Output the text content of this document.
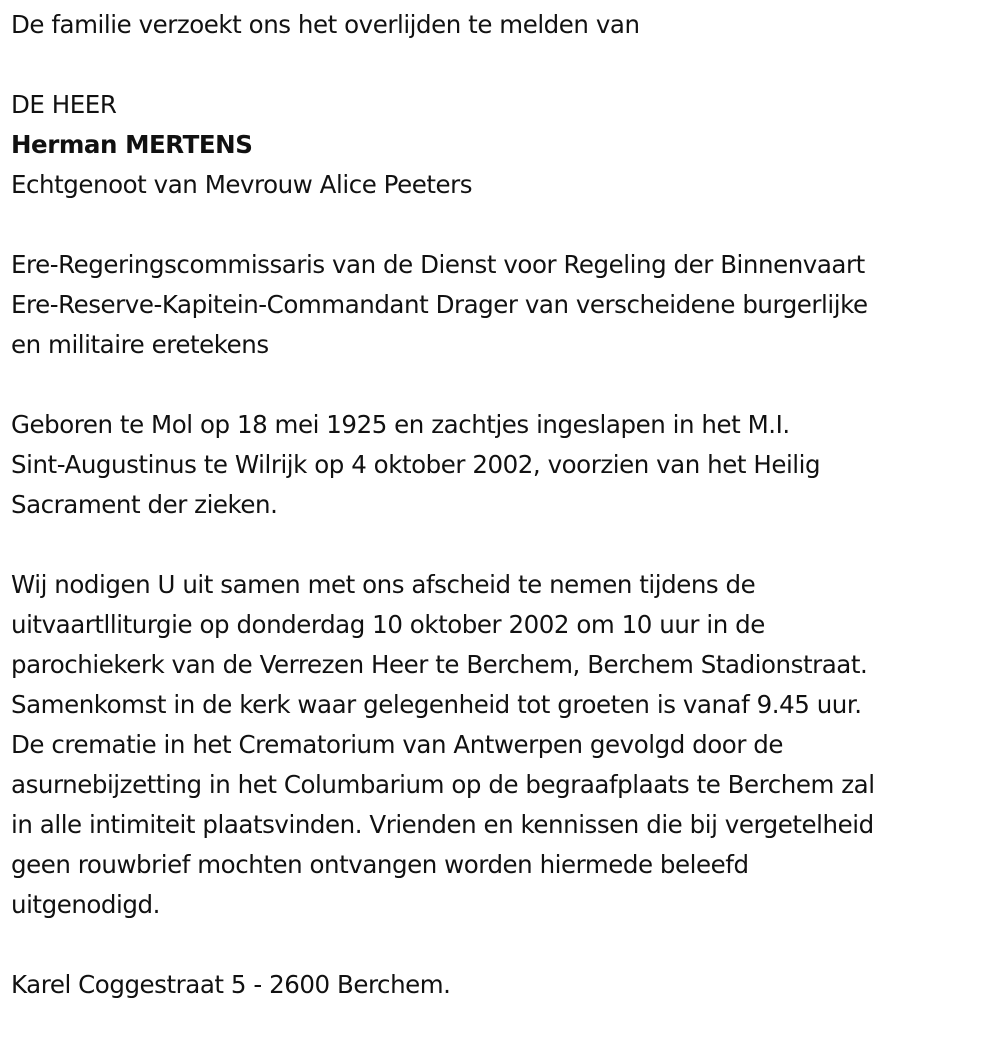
De familie verzoekt ons het overlijden te melden van
DE HEER
Herman MERTENS
Echtgenoot van Mevrouw Alice Peeters
Ere-Regeringscommissaris van de Dienst voor Regeling der Binnenvaart
Ere-Reserve-Kapitein-Commandant Drager van verscheidene burgerlijke
en militaire eretekens
Geboren te Mol op 18 mei 1925 en zachtjes ingeslapen in het M.I.
Sint-Augustinus te Wilrijk op 4 oktober 2002, voorzien van het Heilig
Sacrament der zieken.
Wij nodigen U uit samen met ons afscheid te nemen tijdens de
uitvaartlliturgie op donderdag 10 oktober 2002 om 10 uur in de
parochiekerk van de Verrezen Heer te Berchem, Berchem Stadionstraat.
Samenkomst in de kerk waar gelegenheid tot groeten is vanaf 9.45 uur.
De crematie in het Crematorium van Antwerpen gevolgd door de
asurnebijzetting in het Columbarium op de begraafplaats te Berchem zal
in alle intimiteit plaatsvinden. Vrienden en kennissen die bij vergetelheid
geen rouwbrief mochten ontvangen worden hiermede beleefd
uitgenodigd.
Karel Coggestraat 5 - 2600 Berchem.
